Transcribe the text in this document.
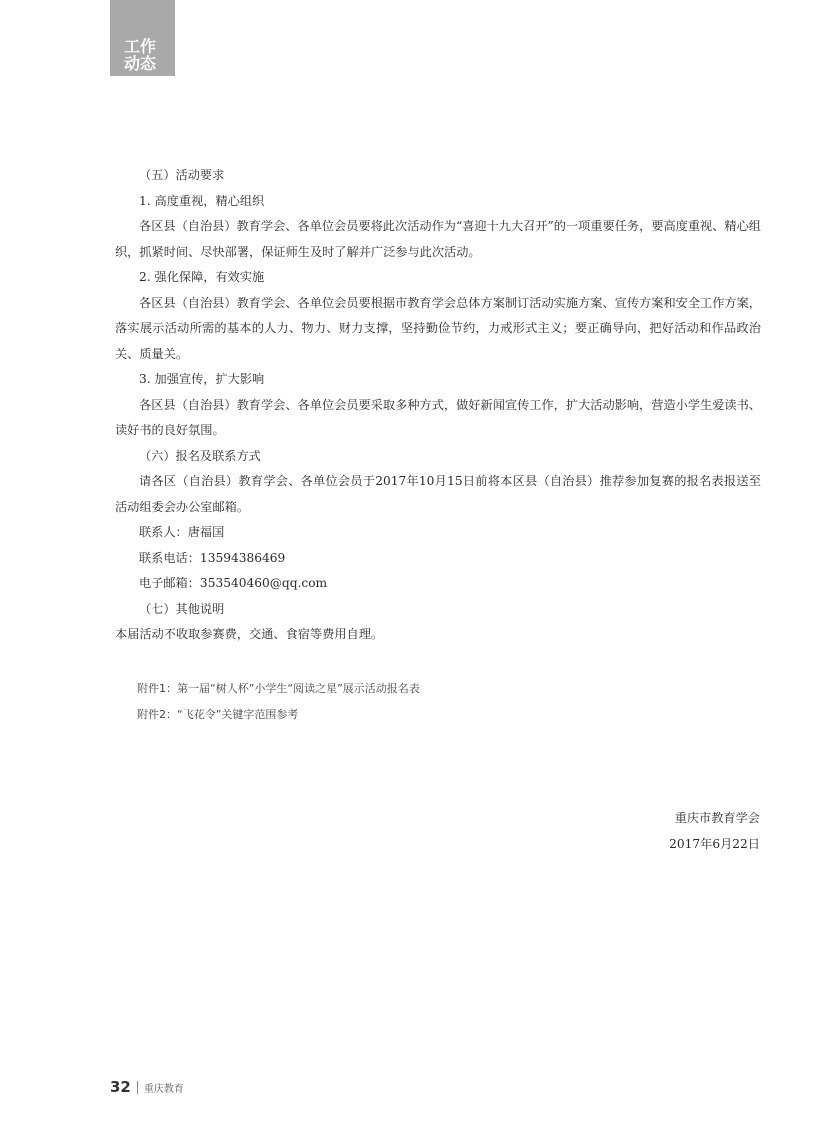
工作
动态

（五）活动要求

1. 高度重视，精心组织

各区县（自治县）教育学会、各单位会员要将此次活动作为“喜迎十九大召开”的一项重要任务，要高度重视、精心组织，抓紧时间、尽快部署，保证师生及时了解并广泛参与此次活动。

2. 强化保障，有效实施

各区县（自治县）教育学会、各单位会员要根据市教育学会总体方案制订活动实施方案、宣传方案和安全工作方案，落实展示活动所需的基本的人力、物力、财力支撑，坚持勤俭节约，力戒形式主义；要正确导向，把好活动和作品政治关、质量关。

3. 加强宣传，扩大影响

各区县（自治县）教育学会、各单位会员要采取多种方式，做好新闻宣传工作，扩大活动影响，营造小学生爱读书、读好书的良好氛围。

（六）报名及联系方式

请各区（自治县）教育学会、各单位会员于2017年10月15日前将本区县（自治县）推荐参加复赛的报名表报送至活动组委会办公室邮箱。

联系人：唐福国

联系电话：13594386469

电子邮箱：353540460@qq.com

（七）其他说明

本届活动不收取参赛费，交通、食宿等费用自理。

附件1：第一届“树人杯”小学生“阅读之星”展示活动报名表

附件2：“飞花令”关键字范围参考

重庆市教育学会

2017年6月22日

32 重庆教育
